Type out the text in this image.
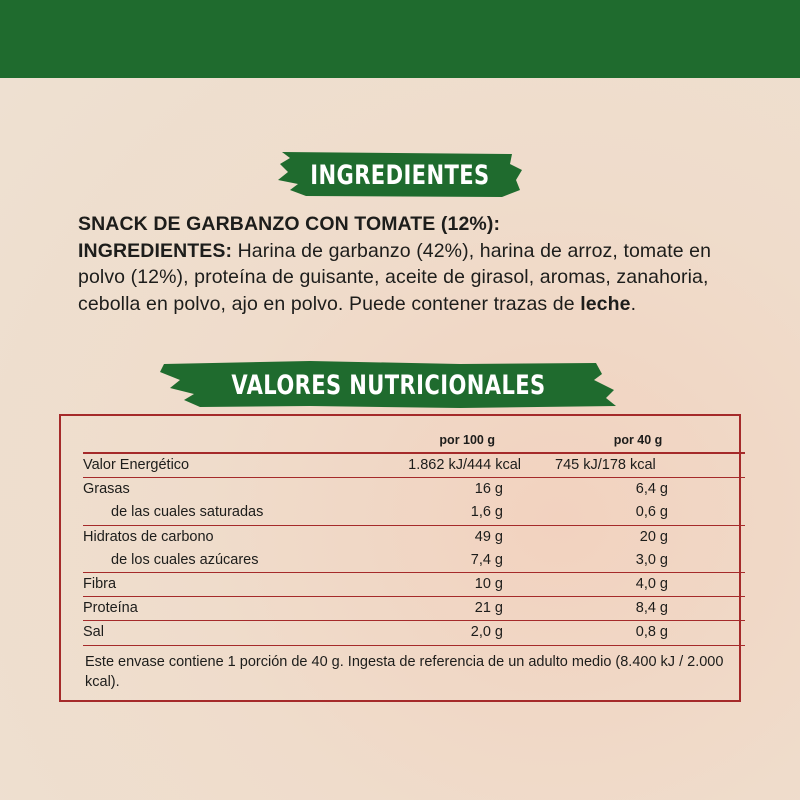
INGREDIENTES
SNACK DE GARBANZO CON TOMATE (12%):
INGREDIENTES: Harina de garbanzo (42%), harina de arroz, tomate en polvo (12%), proteína de guisante, aceite de girasol, aromas, zanahoria, cebolla en polvo, ajo en polvo. Puede contener trazas de leche.
VALORES NUTRICIONALES
	por 100 g	por 40 g
Valor Energético	1.862 kJ/444 kcal	745 kJ/178 kcal
Grasas	16 g	6,4 g
de las cuales saturadas	1,6 g	0,6 g
Hidratos de carbono	49 g	20 g
de los cuales azúcares	7,4 g	3,0 g
Fibra	10 g	4,0 g
Proteína	21 g	8,4 g
Sal	2,0 g	0,8 g
Este envase contiene 1 porción de 40 g. Ingesta de referencia de un adulto medio (8.400 kJ / 2.000 kcal).
